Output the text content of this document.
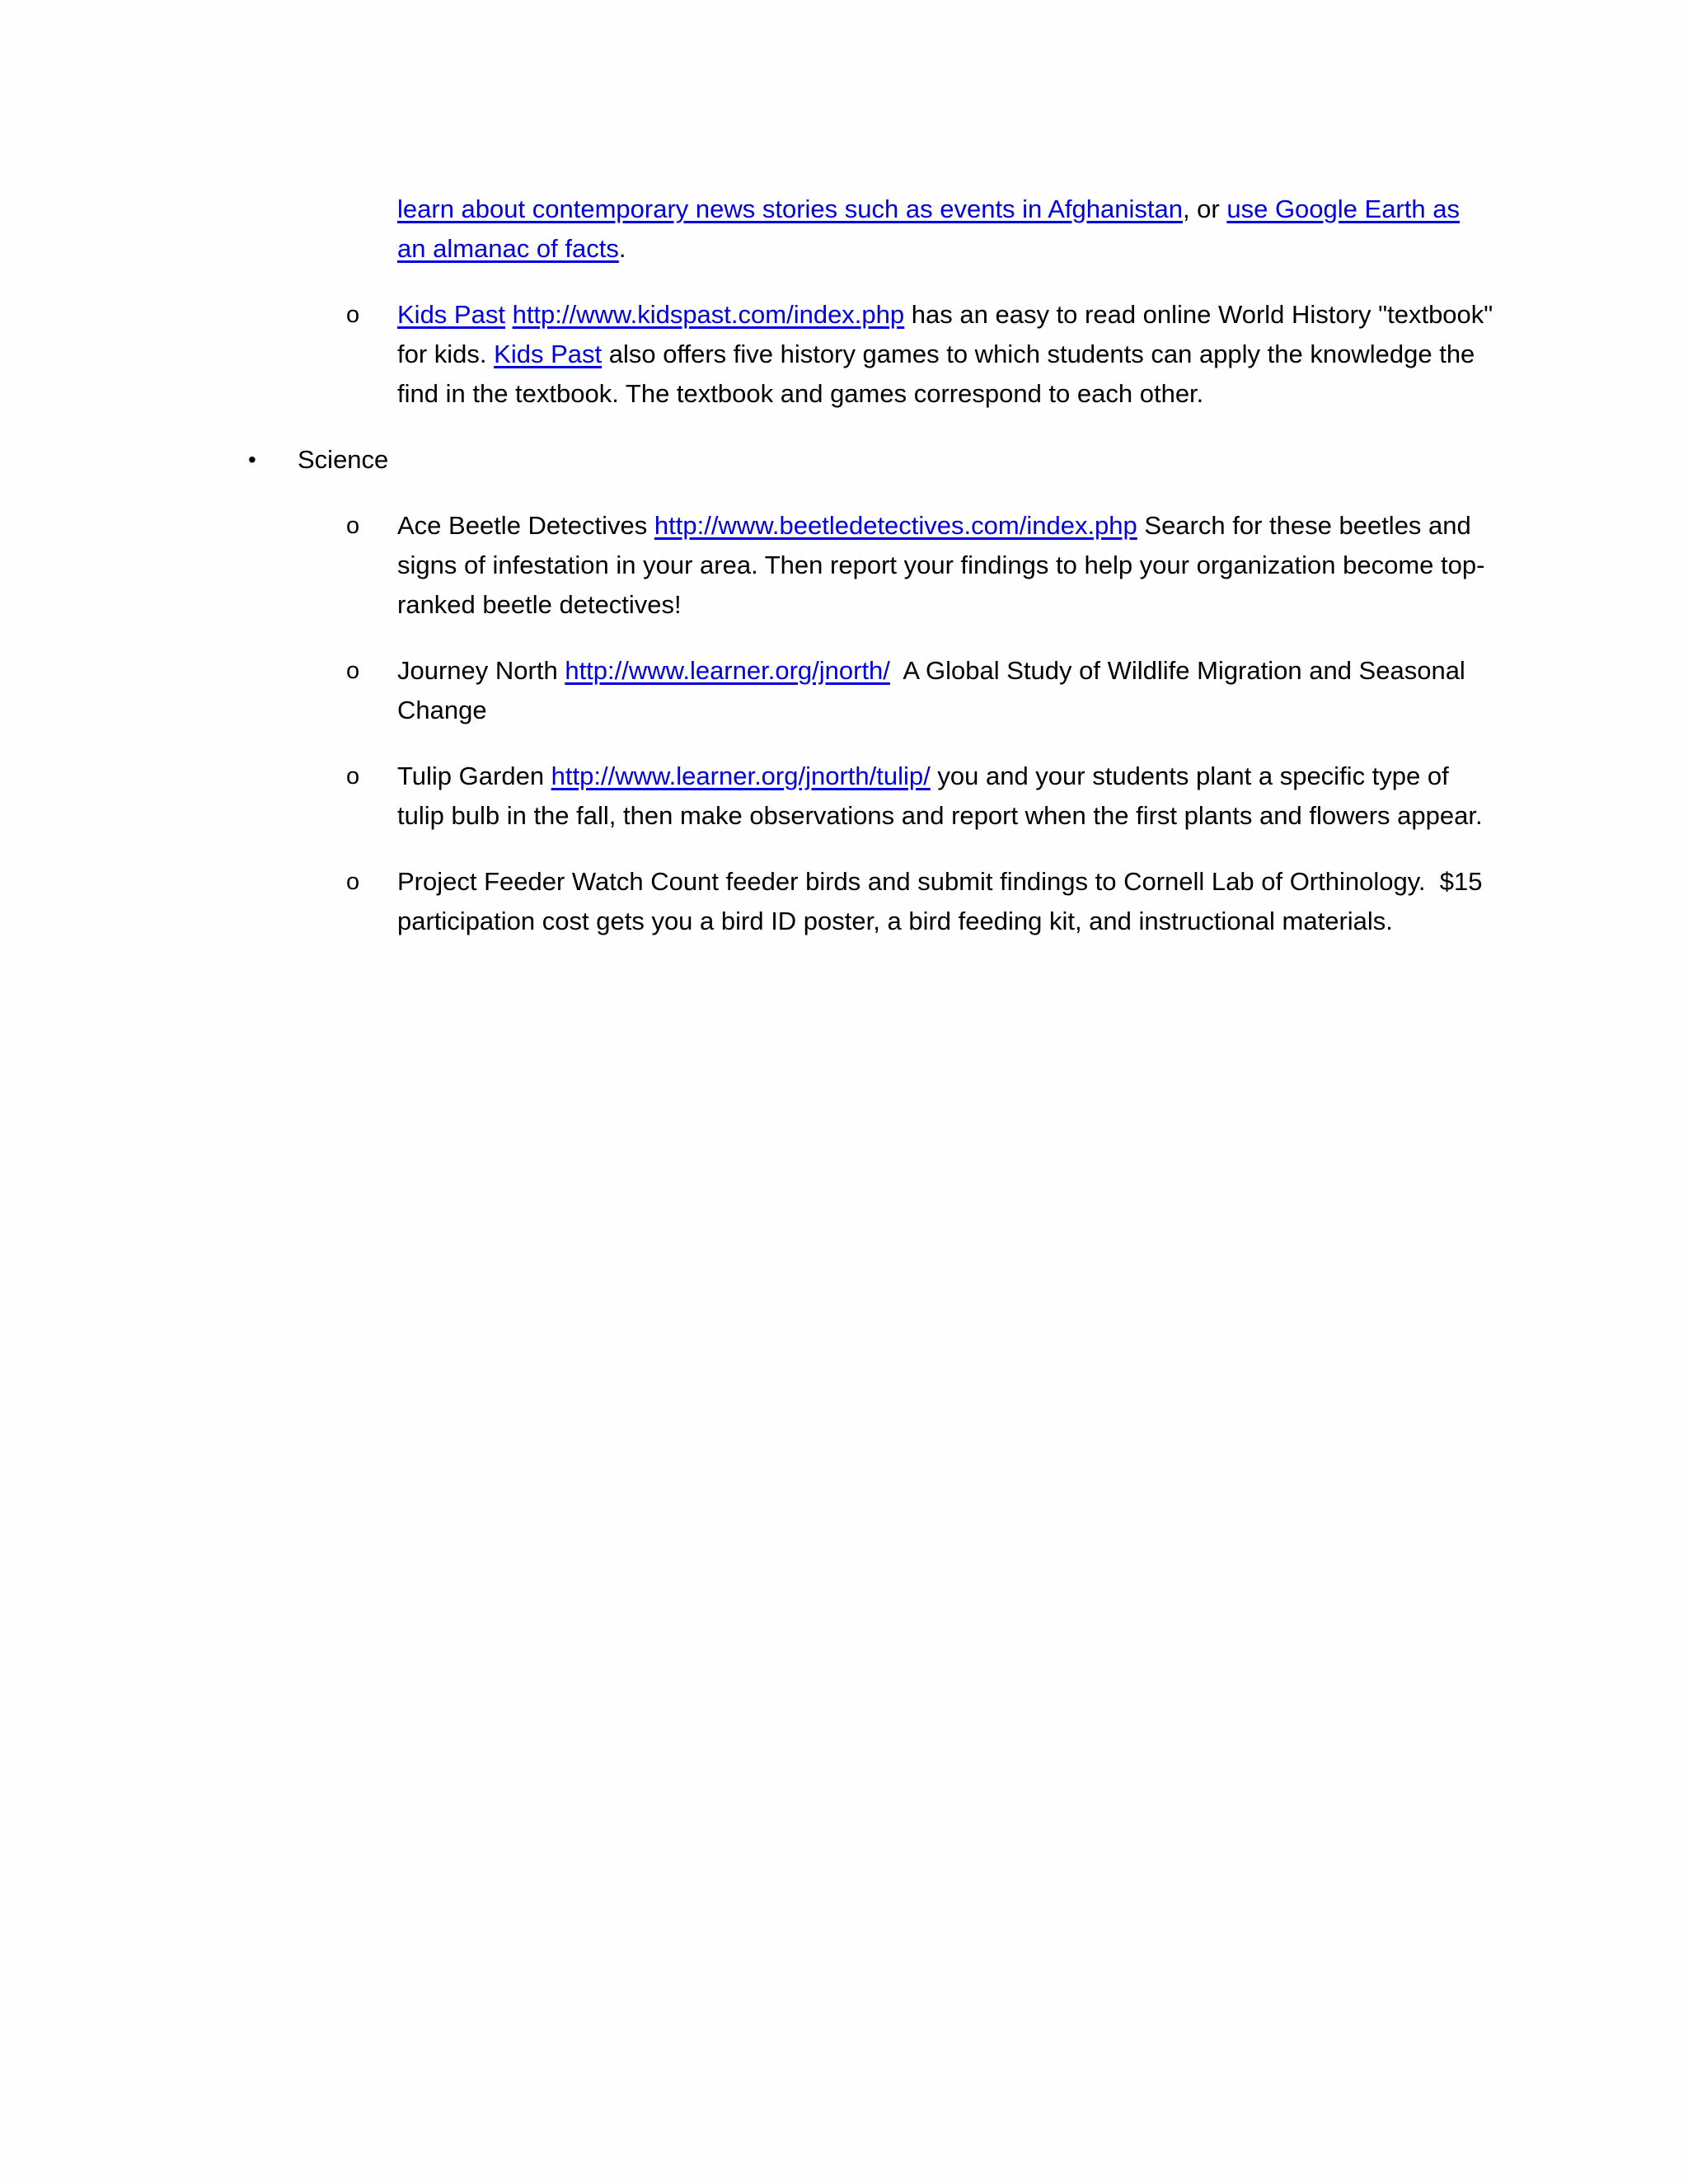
learn about contemporary news stories such as events in Afghanistan, or use Google Earth as an almanac of facts.
o Kids Past http://www.kidspast.com/index.php has an easy to read online World History "textbook" for kids. Kids Past also offers five history games to which students can apply the knowledge the find in the textbook. The textbook and games correspond to each other.
• Science
o Ace Beetle Detectives http://www.beetledetectives.com/index.php Search for these beetles and signs of infestation in your area. Then report your findings to help your organization become top-ranked beetle detectives!
o Journey North http://www.learner.org/jnorth/  A Global Study of Wildlife Migration and Seasonal Change
o Tulip Garden http://www.learner.org/jnorth/tulip/ you and your students plant a specific type of tulip bulb in the fall, then make observations and report when the first plants and flowers appear.
o Project Feeder Watch Count feeder birds and submit findings to Cornell Lab of Orthinology.  $15 participation cost gets you a bird ID poster, a bird feeding kit, and instructional materials.
